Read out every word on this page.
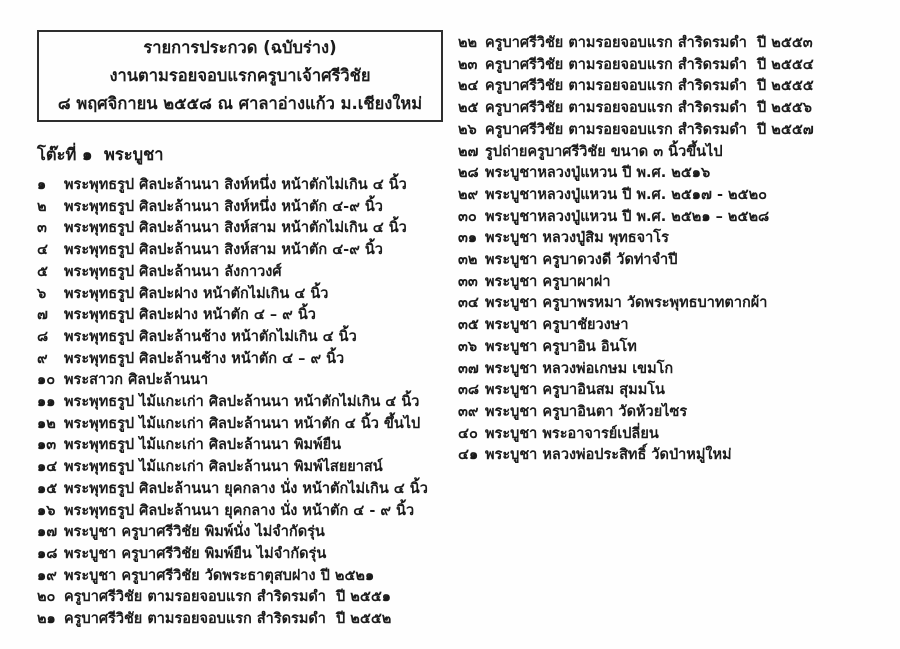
รายการประกวด (ฉบับร่าง)
งานตามรอยจอบแรกครูบาเจ้าศรีวิชัย
๘ พฤศจิกายน ๒๕๕๘ ณ ศาลาอ่างแก้ว ม.เชียงใหม่
โต๊ะที่ ๑  พระบูชา
๑	พระพุทธรูป ศิลปะล้านนา สิงห์หนึ่ง หน้าตักไม่เกิน ๔ นิ้ว
๒	พระพุทธรูป ศิลปะล้านนา สิงห์หนึ่ง หน้าตัก ๔-๙ นิ้ว
๓	พระพุทธรูป ศิลปะล้านนา สิงห์สาม หน้าตักไม่เกิน ๔ นิ้ว
๔	พระพุทธรูป ศิลปะล้านนา สิงห์สาม หน้าตัก ๔-๙ นิ้ว
๕	พระพุทธรูป ศิลปะล้านนา ลังกาวงศ์
๖	พระพุทธรูป ศิลปะฝาง หน้าตักไม่เกิน ๔ นิ้ว
๗	พระพุทธรูป ศิลปะฝาง หน้าตัก ๔ – ๙ นิ้ว
๘	พระพุทธรูป ศิลปะล้านช้าง หน้าตักไม่เกิน ๔ นิ้ว
๙	พระพุทธรูป ศิลปะล้านช้าง หน้าตัก ๔ – ๙ นิ้ว
๑๐ พระสาวก ศิลปะล้านนา
๑๑ พระพุทธรูป ไม้แกะเก่า ศิลปะล้านนา หน้าตักไม่เกิน ๔ นิ้ว
๑๒ พระพุทธรูป ไม้แกะเก่า ศิลปะล้านนา หน้าตัก ๔ นิ้ว ขึ้นไป
๑๓ พระพุทธรูป ไม้แกะเก่า ศิลปะล้านนา พิมพ์ยืน
๑๔ พระพุทธรูป ไม้แกะเก่า ศิลปะล้านนา พิมพ์ไสยยาสน์
๑๕ พระพุทธรูป ศิลปะล้านนา ยุคกลาง นั่ง หน้าตักไม่เกิน ๔ นิ้ว
๑๖ พระพุทธรูป ศิลปะล้านนา ยุคกลาง นั่ง หน้าตัก ๔ - ๙ นิ้ว
๑๗ พระบูชา ครูบาศรีวิชัย พิมพ์นั่ง ไม่จำกัดรุ่น
๑๘ พระบูชา ครูบาศรีวิชัย พิมพ์ยืน ไม่จำกัดรุ่น
๑๙ พระบูชา ครูบาศรีวิชัย วัดพระธาตุสบฝาง ปี ๒๕๒๑
๒๐ ครูบาศรีวิชัย ตามรอยจอบแรก สำริดรมดำ  ปี ๒๕๕๑
๒๑ ครูบาศรีวิชัย ตามรอยจอบแรก สำริดรมดำ  ปี ๒๕๕๒
๒๒ ครูบาศรีวิชัย ตามรอยจอบแรก สำริดรมดำ  ปี ๒๕๕๓
๒๓ ครูบาศรีวิชัย ตามรอยจอบแรก สำริดรมดำ  ปี ๒๕๕๔
๒๔ ครูบาศรีวิชัย ตามรอยจอบแรก สำริดรมดำ  ปี ๒๕๕๕
๒๕ ครูบาศรีวิชัย ตามรอยจอบแรก สำริดรมดำ  ปี ๒๕๕๖
๒๖ ครูบาศรีวิชัย ตามรอยจอบแรก สำริดรมดำ  ปี ๒๕๕๗
๒๗ รูปถ่ายครูบาศรีวิชัย ขนาด ๓ นิ้วขึ้นไป
๒๘ พระบูชาหลวงปู่แหวน ปี พ.ศ. ๒๕๑๖
๒๙ พระบูชาหลวงปู่แหวน ปี พ.ศ. ๒๕๑๗ - ๒๕๒๐
๓๐ พระบูชาหลวงปู่แหวน ปี พ.ศ. ๒๕๒๑ – ๒๕๒๘
๓๑ พระบูชา หลวงปู่สิม พุทธจาโร
๓๒ พระบูชา ครูบาดวงดี วัดท่าจำปี
๓๓ พระบูชา ครูบาผาผ่า
๓๔ พระบูชา ครูบาพรหมา วัดพระพุทธบาทตากผ้า
๓๕ พระบูชา ครูบาชัยวงษา
๓๖ พระบูชา ครูบาอิน อินโท
๓๗ พระบูชา หลวงพ่อเกษม เขมโก
๓๘ พระบูชา ครูบาอินสม สุมมโน
๓๙ พระบูชา ครูบาอินตา วัดห้วยไซร
๔๐ พระบูชา พระอาจารย์เปลี่ยน
๔๑ พระบูชา หลวงพ่อประสิทธิ์ วัดป่าหมู่ใหม่
